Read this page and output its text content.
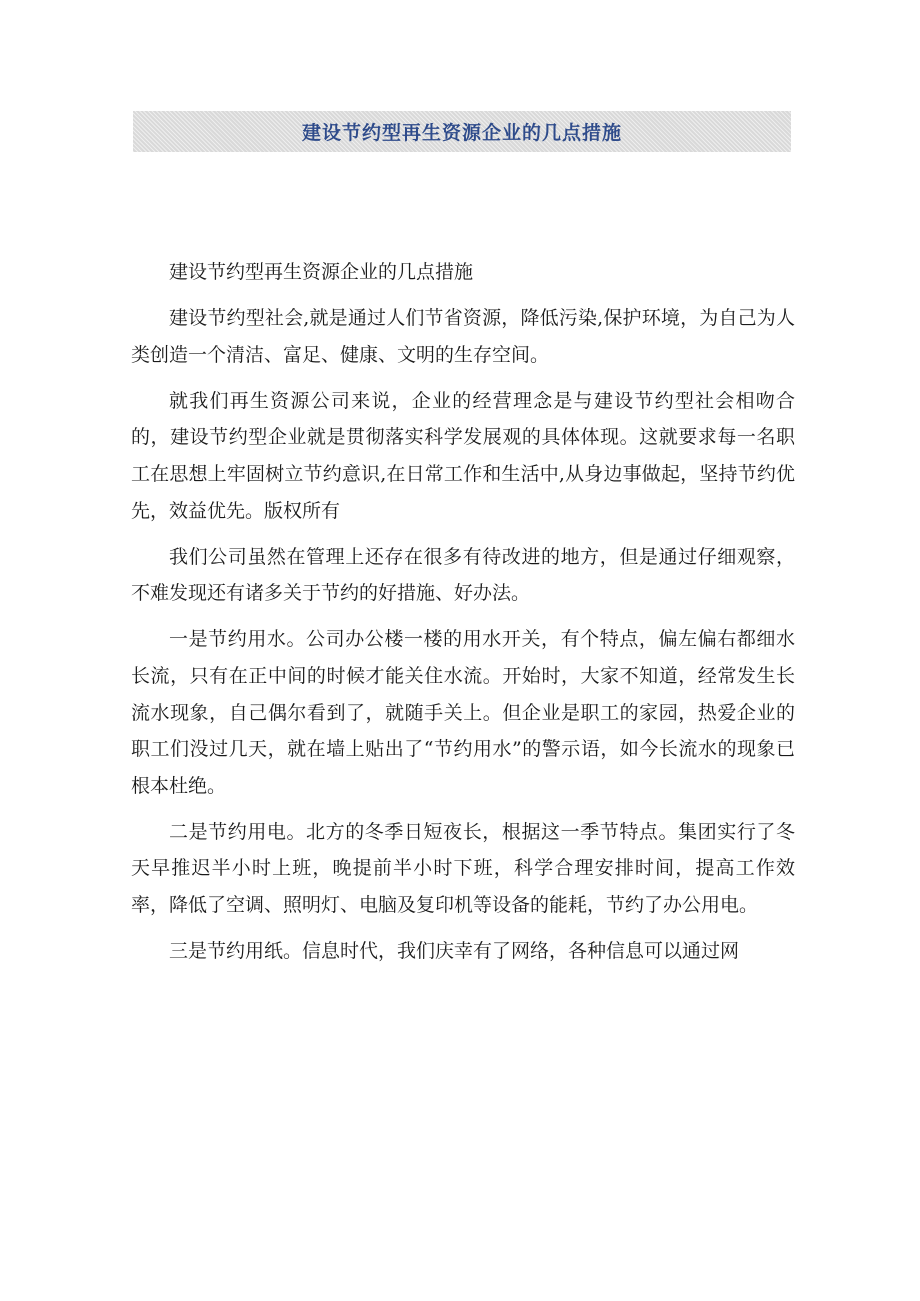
建设节约型再生资源企业的几点措施

建设节约型再生资源企业的几点措施

建设节约型社会,就是通过人们节省资源，降低污染,保护环境，为自己为人类创造一个清洁、富足、健康、文明的生存空间。

就我们再生资源公司来说，企业的经营理念是与建设节约型社会相吻合的，建设节约型企业就是贯彻落实科学发展观的具体体现。这就要求每一名职工在思想上牢固树立节约意识,在日常工作和生活中,从身边事做起，坚持节约优先，效益优先。版权所有

我们公司虽然在管理上还存在很多有待改进的地方，但是通过仔细观察，不难发现还有诸多关于节约的好措施、好办法。

一是节约用水。公司办公楼一楼的用水开关，有个特点，偏左偏右都细水长流，只有在正中间的时候才能关住水流。开始时，大家不知道，经常发生长流水现象，自己偶尔看到了，就随手关上。但企业是职工的家园，热爱企业的职工们没过几天，就在墙上贴出了“节约用水”的警示语，如今长流水的现象已根本杜绝。

二是节约用电。北方的冬季日短夜长，根据这一季节特点。集团实行了冬天早推迟半小时上班，晚提前半小时下班，科学合理安排时间，提高工作效率，降低了空调、照明灯、电脑及复印机等设备的能耗，节约了办公用电。

三是节约用纸。信息时代，我们庆幸有了网络，各种信息可以通过网
